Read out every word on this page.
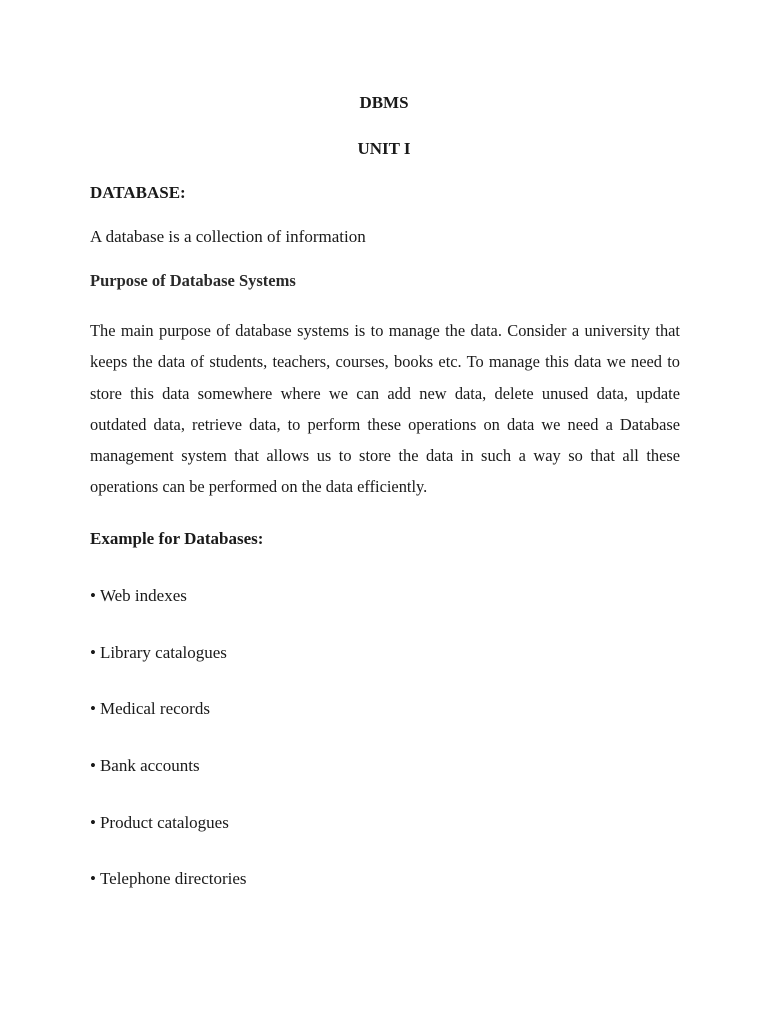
DBMS

UNIT I

DATABASE:

A database is a collection of information

Purpose of Database Systems

The main purpose of database systems is to manage the data. Consider a university that keeps the data of students, teachers, courses, books etc. To manage this data we need to store this data somewhere where we can add new data, delete unused data, update outdated data, retrieve data, to perform these operations on data we need a Database management system that allows us to store the data in such a way so that all these operations can be performed on the data efficiently.

Example for Databases:

• Web indexes
• Library catalogues
• Medical records
• Bank accounts
• Product catalogues
• Telephone directories
